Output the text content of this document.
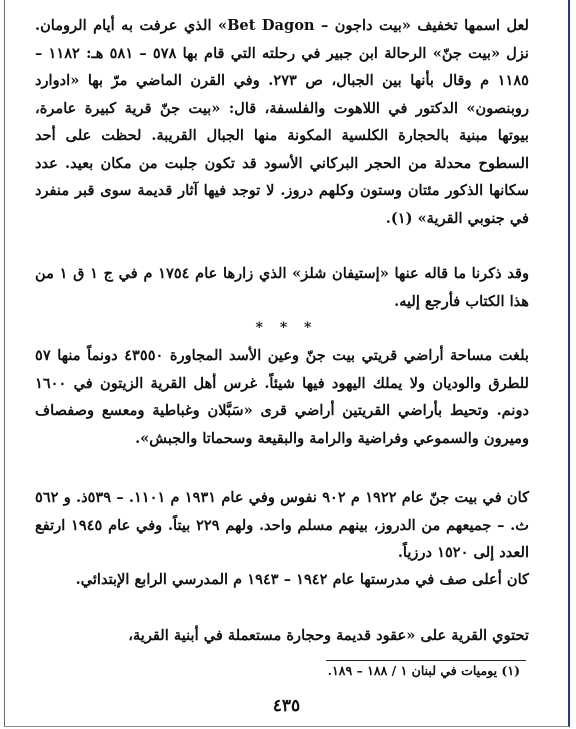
لعل اسمها تخفيف «بيت داجون – Bet Dagon» الذي عرفت به أيام الرومان. نزل «بيت جنّ» الرحالة ابن جبير في رحلته التي قام بها ٥٧٨ – ٥٨١ هـ: ١١٨٢ – ١١٨٥ م وقال بأنها بين الجبال، ص ٢٧٣. وفي القرن الماضي مرّ بها «ادوارد روبنصون» الدكتور في اللاهوت والفلسفة، قال: «بيت جنّ قرية كبيرة عامرة، بيوتها مبنية بالحجارة الكلسية المكونة منها الجبال القريبة. لحظت على أحد السطوح محدلة من الحجر البركاني الأسود قد تكون جلبت من مكان بعيد. عدد سكانها الذكور مئتان وستون وكلهم دروز. لا توجد فيها آثار قديمة سوى قبر منفرد في جنوبي القرية» (١).

وقد ذكرنا ما قاله عنها «إستيفان شلز» الذي زارها عام ١٧٥٤ م في ج ١ ق ١ من هذا الكتاب فأرجع إليه.

* * *

بلغت مساحة أراضي قريتي بيت جنّ وعين الأسد المجاورة ٤٣٥٥٠ دونماً منها ٥٧ للطرق والوديان ولا يملك اليهود فيها شيئاً. غرس أهل القرية الزيتون في ١٦٠٠ دونم. وتحيط بأراضي القريتين أراضي قرى «سَبَّلان وغباطية ومعسع وصفصاف وميرون والسموعي وفراضية والرامة والبقيعة وسحماتا والجبش».

كان في بيت جنّ عام ١٩٢٢ م ٩٠٢ نفوس وفي عام ١٩٣١ م ١١٠١. – ٥٣٩ذ. و ٥٦٢ ث. – جميعهم من الدروز، بينهم مسلم واحد. ولهم ٢٢٩ بيتاً. وفي عام ١٩٤٥ ارتفع العدد إلى ١٥٢٠ درزياً.

كان أعلى صف في مدرستها عام ١٩٤٢ – ١٩٤٣ م المدرسي الرابع الإبتدائي.

تحتوي القرية على «عقود قديمة وحجارة مستعملة في أبنية القرية،

(١) يوميات في لبنان ١ / ١٨٨ – ١٨٩.
٤٣٥
